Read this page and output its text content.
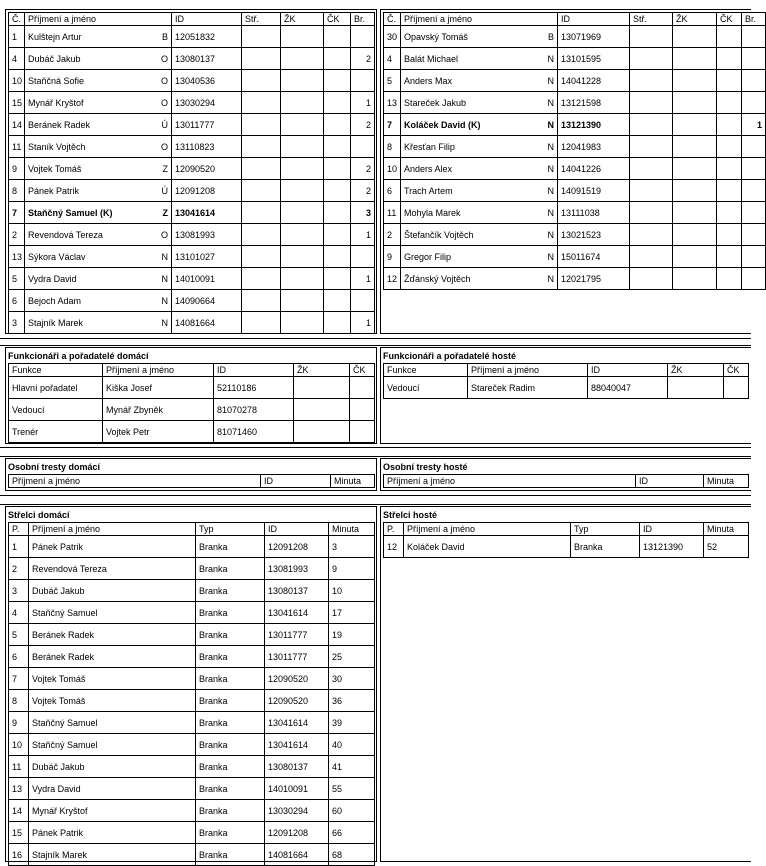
Č.	Příjmení a jméno	ID	Stř.	ŽK	ČK	Br.
1	Kulštejn Artur B	12051832				
4	Dubáč Jakub O	13080137				2
10	Staňčná Sofie O	13040536				
15	Mynář Kryštof O	13030294				1
14	Beránek Radek Ú	13011777				2
11	Staník Vojtěch O	13110823				
9	Vojtek Tomáš Z	12090520				2
8	Pánek Patrik Ú	12091208				2
7	Staňčný Samuel (K) Z	13041614				3
2	Revendová Tereza O	13081993				1
13	Sýkora Václav N	13101027				
5	Vydra David N	14010091				1
6	Bejoch Adam N	14090664				
3	Stajník Marek N	14081664				1
Č.	Příjmení a jméno	ID	Stř.	ŽK	ČK	Br.
30	Opavský Tomáš B	13071969				
4	Balát Michael N	13101595				
5	Anders Max N	14041228				
13	Stareček Jakub N	13121598				
7	Koláček David (K) N	13121390				1
8	Křesťan Filip N	12041983				
10	Anders Alex N	14041226				
6	Trach Artem N	14091519				
11	Mohyla Marek N	13111038				
2	Štefančík Vojtěch N	13021523				
9	Gregor Filip N	15011674				
12	Žďánský Vojtěch N	12021795				
Funkcionáři a pořadatelé domácí
Funkce	Příjmení a jméno	ID	ŽK	ČK
Hlavní pořadatel	Kiška Josef	52110186		
Vedoucí	Mynář Zbyněk	81070278		
Trenér	Vojtek Petr	81071460		
Funkcionáři a pořadatelé hosté
Funkce	Příjmení a jméno	ID	ŽK	ČK
Vedoucí	Stareček Radim	88040047		
Osobní tresty domácí
Příjmení a jméno	ID	Minuta
Osobní tresty hosté
Příjmení a jméno	ID	Minuta
Střelci domácí
P.	Příjmení a jméno	Typ	ID	Minuta
1	Pánek Patrik	Branka	12091208	3
2	Revendová Tereza	Branka	13081993	9
3	Dubáč Jakub	Branka	13080137	10
4	Staňčný Samuel	Branka	13041614	17
5	Beránek Radek	Branka	13011777	19
6	Beránek Radek	Branka	13011777	25
7	Vojtek Tomáš	Branka	12090520	30
8	Vojtek Tomáš	Branka	12090520	36
9	Staňčný Samuel	Branka	13041614	39
10	Staňčný Samuel	Branka	13041614	40
11	Dubáč Jakub	Branka	13080137	41
13	Vydra David	Branka	14010091	55
14	Mynář Kryštof	Branka	13030294	60
15	Pánek Patrik	Branka	12091208	66
16	Stajník Marek	Branka	14081664	68
Střelci hosté
P.	Příjmení a jméno	Typ	ID	Minuta
12	Koláček David	Branka	13121390	52
